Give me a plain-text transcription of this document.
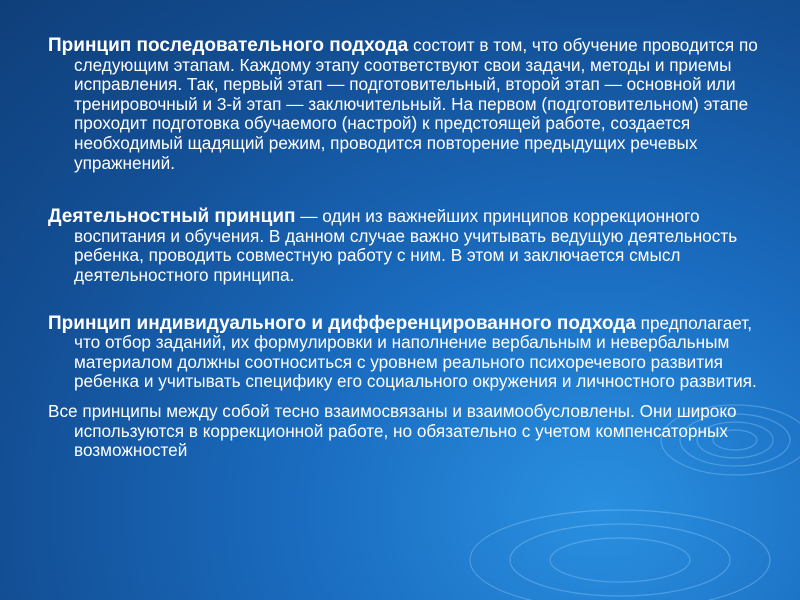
Принцип последовательного подхода состоит в том, что обучение проводится по следующим этапам. Каждому этапу соответствуют свои задачи, методы и приемы исправления. Так, первый этап — подготовительный, второй этап — основной или тренировочный и 3-й этап — заключительный. На первом (подготовительном) этапе проходит подготовка обучаемого (настрой) к предстоящей работе, создается необходимый щадящий режим, проводится повторение предыдущих речевых упражнений.

Деятельностный принцип — один из важнейших принципов коррекционного воспитания и обучения. В данном случае важно учитывать ведущую деятельность ребенка, проводить совместную работу с ним. В этом и заключается смысл деятельностного принципа.

Принцип индивидуального и дифференцированного подхода предполагает, что отбор заданий, их формулировки и наполнение вербальным и невербальным материалом должны соотноситься с уровнем реального психоречевого развития ребенка и учитывать специфику его социального окружения и личностного развития.

Все принципы между собой тесно взаимосвязаны и взаимообусловлены. Они широко используются в коррекционной работе, но обязательно с учетом компенсаторных возможностей
